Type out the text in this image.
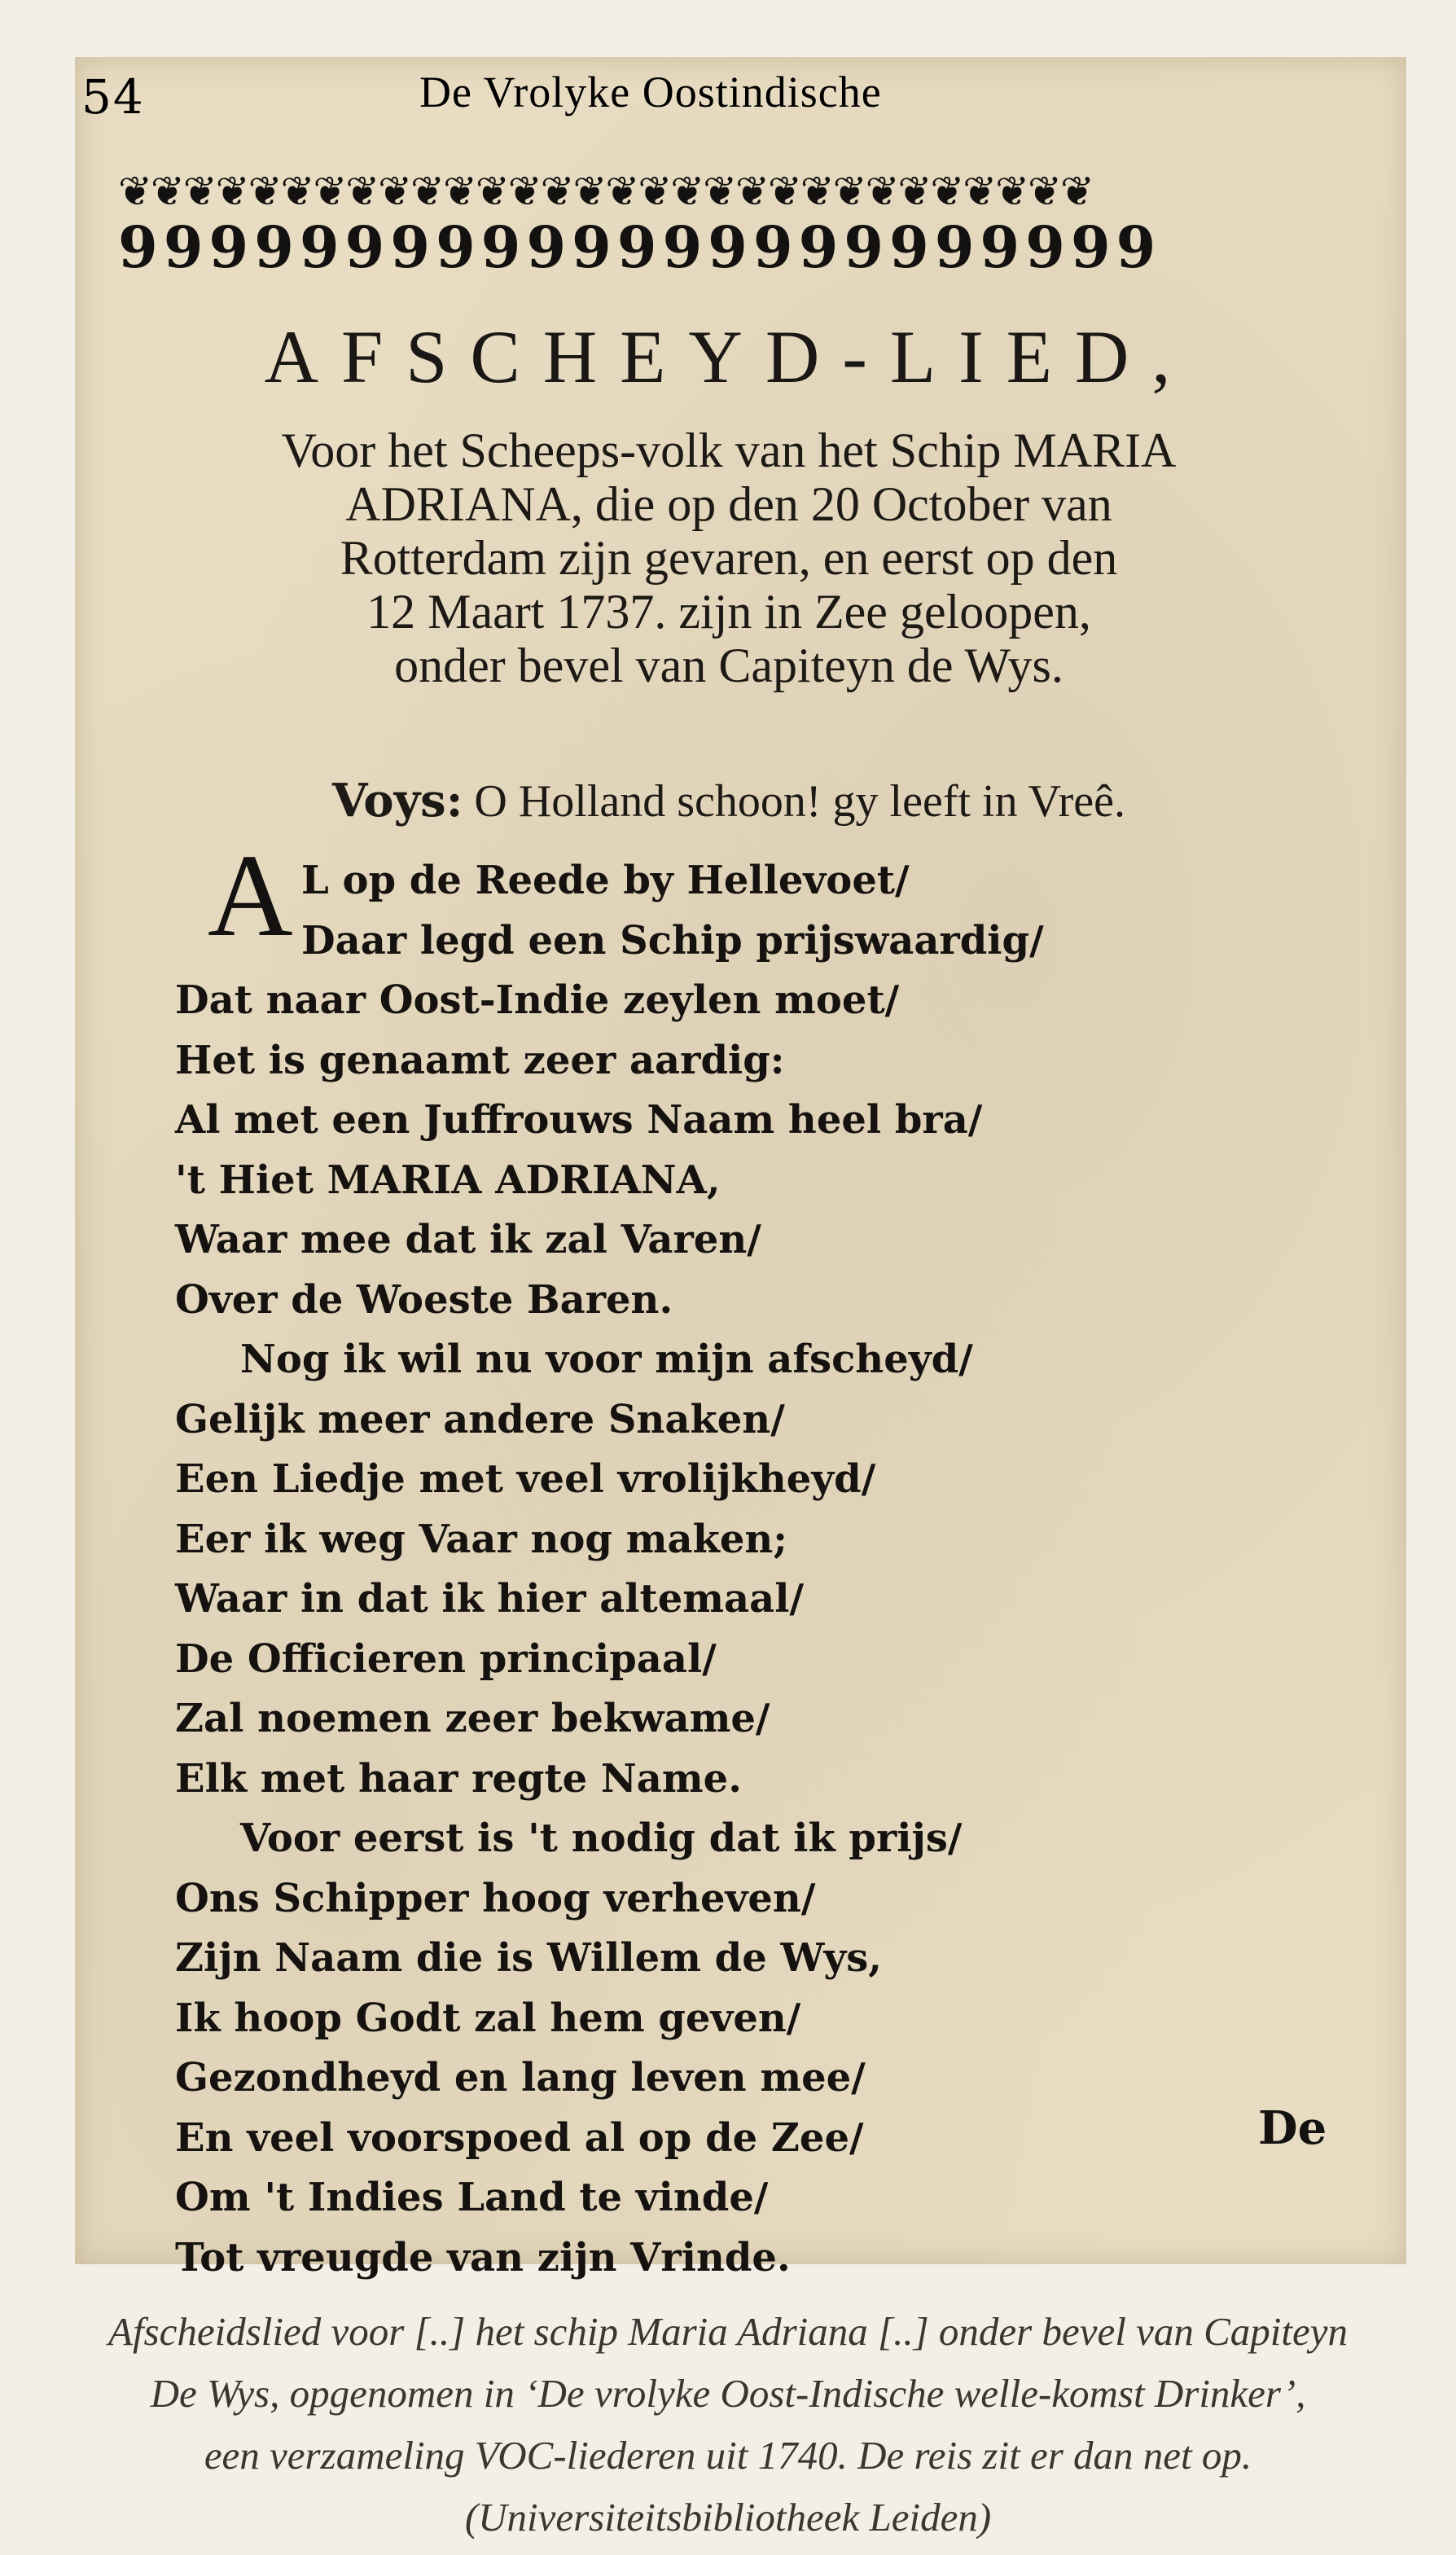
54	De Vrolyke Oostindische
❦❦❦❦❦❦❦❦❦❦❦❦❦❦❦❦❦❦❦❦❦❦❦❦❦❦❦❦❦❦
99999999999999999999999
AFSCHEYD-LIED,
Voor het Scheeps-volk van het Schip MARIA
ADRIANA, die op den 20 October van
Rotterdam zijn gevaren, en eerst op den
12 Maart 1737. zijn in Zee geloopen,
onder bevel van Capiteyn de Wys.
Voys: O Holland schoon! gy leeft in Vreê.
A L op de Reede by Hellevoet/
Daar legd een Schip prijswaardig/
Dat naar Oost-Indie zeylen moet/
Het is genaamt zeer aardig:
Al met een Juffrouws Naam heel bra/
't Hiet MARIA ADRIANA,
Waar mee dat ik zal Varen/
Over de Woeste Baren.
Nog ik wil nu voor mijn afscheyd/
Gelijk meer andere Snaken/
Een Liedje met veel vrolijkheyd/
Eer ik weg Vaar nog maken;
Waar in dat ik hier altemaal/
De Officieren principaal/
Zal noemen zeer bekwame/
Elk met haar regte Name.
Voor eerst is 't nodig dat ik prijs/
Ons Schipper hoog verheven/
Zijn Naam die is Willem de Wys,
Ik hoop Godt zal hem geven/
Gezondheyd en lang leven mee/
En veel voorspoed al op de Zee/
Om 't Indies Land te vinde/
Tot vreugde van zijn Vrinde.
De
Afscheidslied voor [..] het schip Maria Adriana [..] onder bevel van Capiteyn
De Wys, opgenomen in ‘De vrolyke Oost-Indische welle-komst Drinker’,
een verzameling VOC-liederen uit 1740. De reis zit er dan net op.
(Universiteitsbibliotheek Leiden)
